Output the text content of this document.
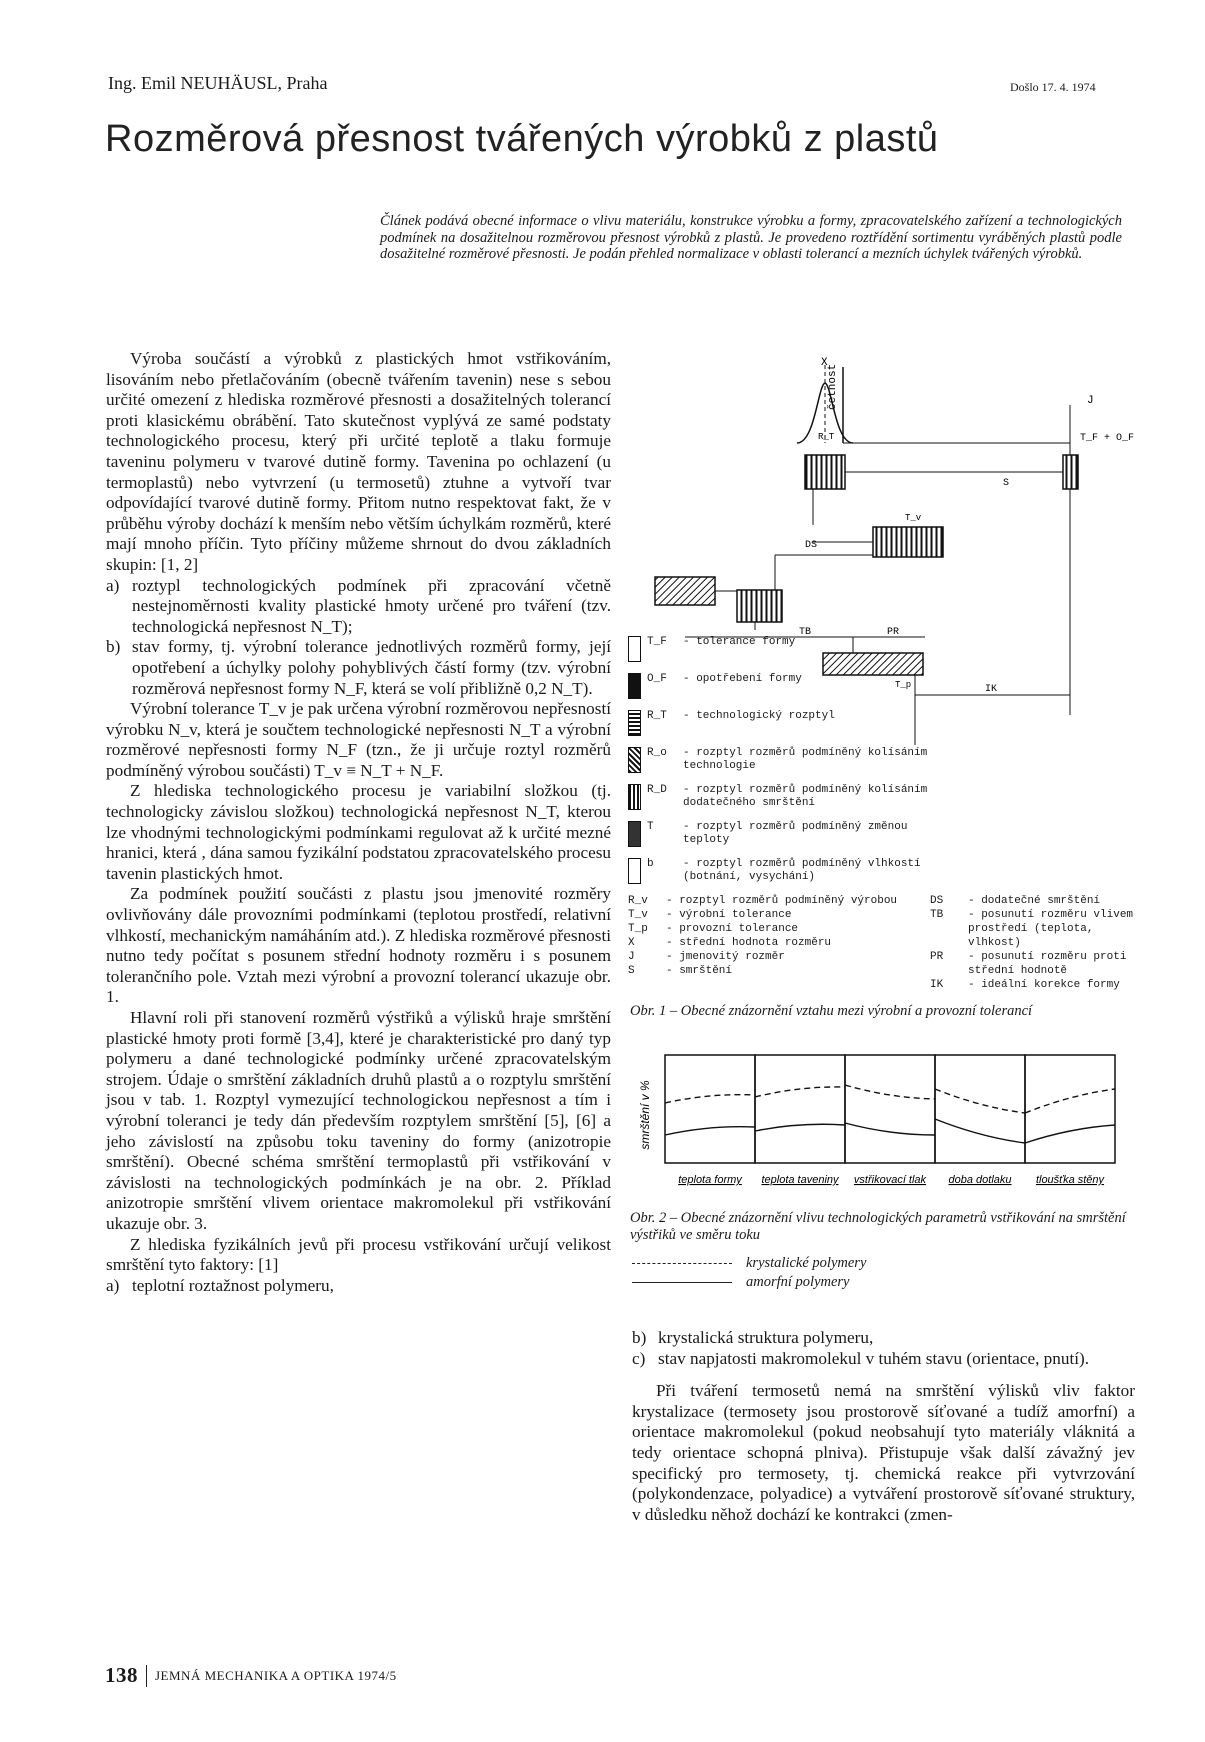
Ing. Emil NEUHÄUSL, Praha	Došlo 17. 4. 1974
Rozměrová přesnost tvářených výrobků z plastů
Článek podává obecné informace o vlivu materiálu, konstrukce výrobku a formy, zpracovatelského zařízení a technologických podmínek na dosažitelnou rozměrovou přesnost výrobků z plastů. Je provedeno roztřídění sortimentu vyráběných plastů podle dosažitelné rozměrové přesnosti. Je podán přehled normalizace v oblasti tolerancí a mezních úchylek tvářených výrobků.

Výroba součástí a výrobků z plastických hmot vstřikováním, lisováním nebo přetlačováním (obecně tvářením tavenin) nese s sebou určité omezení z hlediska rozměrové přesnosti a dosažitelných tolerancí proti klasickému obrábění. Tato skutečnost vyplývá ze samé podstaty technologického procesu, který při určité teplotě a tlaku formuje taveninu polymeru v tvarové dutině formy. Tavenina po ochlazení (u termoplastů) nebo vytvrzení (u termosetů) ztuhne a vytvoří tvar odpovídající tvarové dutině formy. Přitom nutno respektovat fakt, že v průběhu výroby dochází k menším nebo větším úchylkám rozměrů, které mají mnoho příčin. Tyto příčiny můžeme shrnout do dvou základních skupin: [1, 2]

a) roztypl technologických podmínek při zpracování včetně nestejnoměrnosti kvality plastické hmoty určené pro tváření (tzv. technologická nepřesnost N_T);
b) stav formy, tj. výrobní tolerance jednotlivých rozměrů formy, její opotřebení a úchylky polohy pohyblivých částí formy (tzv. výrobní rozměrová nepřesnost formy N_F, která se volí přibližně 0,2 N_T).

Výrobní tolerance T_v je pak určena výrobní rozměrovou nepřesností výrobku N_v, která je součtem technologické nepřesnosti N_T a výrobní rozměrové nepřesnosti formy N_F (tzn., že ji určuje roztyl rozměrů podmíněný výrobou součásti) T_v ≡ N_T + N_F.

Z hlediska technologického procesu je variabilní složkou (tj. technologicky závislou složkou) technologická nepřesnost N_T, kterou lze vhodnými technologickými podmínkami regulovat až k určité mezné hranici, která , dána samou fyzikální podstatou zpracovatelského procesu tavenin plastických hmot.

Za podmínek použití součásti z plastu jsou jmenovité rozměry ovlivňovány dále provozními podmínkami (teplotou prostředí, relativní vlhkostí, mechanickým namáháním atd.). Z hlediska rozměrové přesnosti nutno tedy počítat s posunem střední hodnoty rozměru i s posunem tolerančního pole. Vztah mezi výrobní a provozní tolerancí ukazuje obr. 1.

Hlavní roli při stanovení rozměrů výstřiků a výlisků hraje smrštění plastické hmoty proti formě [3,4], které je charakteristické pro daný typ polymeru a dané technologické podmínky určené zpracovatelským strojem. Údaje o smrštění základních druhů plastů a o rozptylu smrštění jsou v tab. 1. Rozptyl vymezující technologickou nepřesnost a tím i výrobní toleranci je tedy dán především rozptylem smrštění [5], [6] a jeho závislostí na způsobu toku taveniny do formy (anizotropie smrštění). Obecné schéma smrštění termoplastů při vstřikování v závislosti na technologických podmínkách je na obr. 2. Příklad anizotropie smrštění vlivem orientace makromolekul při vstřikování ukazuje obr. 3.

Z hlediska fyzikálních jevů při procesu vstřikování určují velikost smrštění tyto faktory: [1]

a) teplotní roztažnost polymeru,
četnost
X
R_T
J
T_F + O_F
S
T_v
DS
TB	PR
T_p	IK
T_F	- tolerance formy
O_F	- opotřebení formy
R_T	- technologický rozptyl
R_o	- rozptyl rozměrů podmíněný kolísáním technologie
R_D	- rozptyl rozměrů podmíněný kolísáním dodatečného smrštění
T	- rozptyl rozměrů podmíněný změnou teploty
b	- rozptyl rozměrů podmíněný vlhkostí (botnání, vysychání)
R_v	- rozptyl rozměrů podmíněný výrobou
T_v	- výrobní tolerance
T_p	- provozní tolerance
X	- střední hodnota rozměru
J	- jmenovitý rozměr
S	- smrštění
DS	- dodatečné smrštění
TB	- posunutí rozměru vlivem prostředí (teplota, vlhkost)
PR	- posunutí rozměru proti střední hodnotě
IK	- ideální korekce formy
Obr. 1 – Obecné znázornění vztahu mezi výrobní a provozní tolerancí
smrštění v %
teplota formy teplota taveniny vstřikovací tlak doba dotlaku tloušťka stěny
Obr. 2 – Obecné znázornění vlivu technologických parametrů vstřikování na smrštění výstřiků ve směru toku
krystalické polymery
amorfní polymery
b) krystalická struktura polymeru,
c) stav napjatosti makromolekul v tuhém stavu (orientace, pnutí).

Při tváření termosetů nemá na smrštění výlisků vliv faktor krystalizace (termosety jsou prostorově síťované a tudíž amorfní) a orientace makromolekul (pokud neobsahují tyto materiály vláknitá a tedy orientace schopná plniva). Přistupuje však další závažný jev specifický pro termosety, tj. chemická reakce při vytvrzování (polykondenzace, polyadice) a vytváření prostorově síťované struktury, v důsledku něhož dochází ke kontrakci (zmen-

138 JEMNÁ MECHANIKA A OPTIKA 1974/5
